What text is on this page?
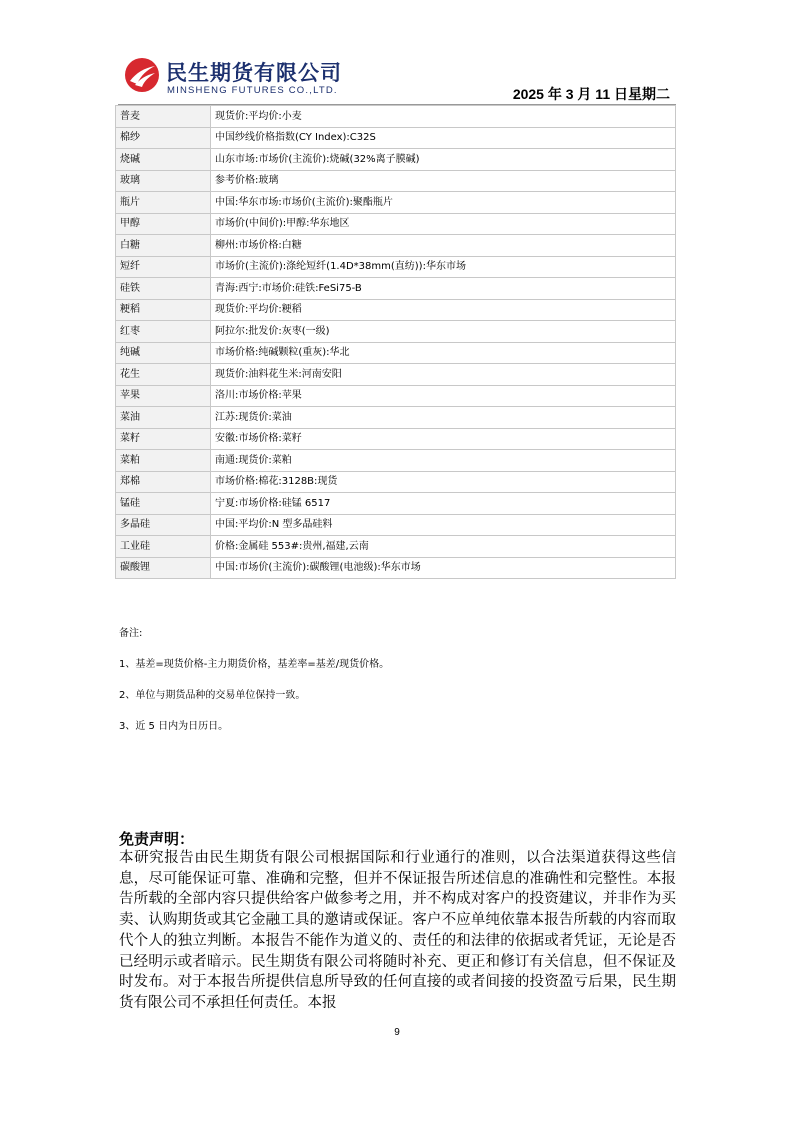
民生期货有限公司
MINSHENG FUTURES CO.,LTD.	2025 年 3 月 11 日星期二
普麦	现货价:平均价:小麦
棉纱	中国纱线价格指数(CY Index):C32S
烧碱	山东市场:市场价(主流价):烧碱(32%离子膜碱)
玻璃	参考价格:玻璃
瓶片	中国:华东市场:市场价(主流价):聚酯瓶片
甲醇	市场价(中间价):甲醇:华东地区
白糖	柳州:市场价格:白糖
短纤	市场价(主流价):涤纶短纤(1.4D*38mm(直纺)):华东市场
硅铁	青海:西宁:市场价:硅铁:FeSi75-B
粳稻	现货价:平均价:粳稻
红枣	阿拉尔:批发价:灰枣(一级)
纯碱	市场价格:纯碱颗粒(重灰):华北
花生	现货价:油料花生米:河南安阳
苹果	洛川:市场价格:苹果
菜油	江苏:现货价:菜油
菜籽	安徽:市场价格:菜籽
菜粕	南通:现货价:菜粕
郑棉	市场价格:棉花:3128B:现货
锰硅	宁夏:市场价格:硅锰 6517
多晶硅	中国:平均价:N 型多晶硅料
工业硅	价格:金属硅 553#:贵州,福建,云南
碳酸锂	中国:市场价(主流价):碳酸锂(电池级):华东市场
备注:
1、基差=现货价格-主力期货价格，基差率=基差/现货价格。
2、单位与期货品种的交易单位保持一致。
3、近 5 日内为日历日。
免责声明：
本研究报告由民生期货有限公司根据国际和行业通行的准则，以合法渠道获得这些信息，尽可能保证可靠、准确和完整，但并不保证报告所述信息的准确性和完整性。本报告所载的全部内容只提供给客户做参考之用，并不构成对客户的投资建议，并非作为买卖、认购期货或其它金融工具的邀请或保证。客户不应单纯依靠本报告所载的内容而取代个人的独立判断。本报告不能作为道义的、责任的和法律的依据或者凭证，无论是否已经明示或者暗示。民生期货有限公司将随时补充、更正和修订有关信息，但不保证及时发布。对于本报告所提供信息所导致的任何直接的或者间接的投资盈亏后果，民生期货有限公司不承担任何责任。本报
9
